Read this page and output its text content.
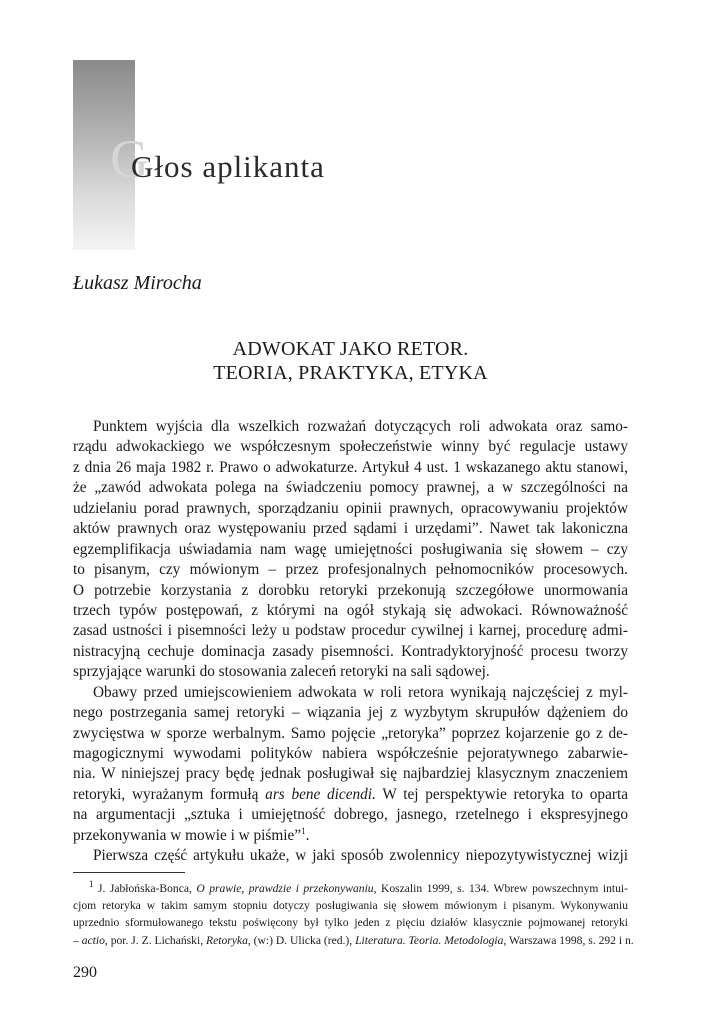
G
Głos aplikanta
Łukasz Mirocha
ADWOKAT JAKO RETOR.
TEORIA, PRAKTYKA, ETYKA
Punktem wyjścia dla wszelkich rozważań dotyczących roli adwokata oraz samo-
rządu adwokackiego we współczesnym społeczeństwie winny być regulacje ustawy
z dnia 26 maja 1982 r. Prawo o adwokaturze. Artykuł 4 ust. 1 wskazanego aktu stanowi,
że „zawód adwokata polega na świadczeniu pomocy prawnej, a w szczególności na
udzielaniu porad prawnych, sporządzaniu opinii prawnych, opracowywaniu projektów
aktów prawnych oraz występowaniu przed sądami i urzędami”. Nawet tak lakoniczna
egzemplifikacja uświadamia nam wagę umiejętności posługiwania się słowem – czy
to pisanym, czy mówionym – przez profesjonalnych pełnomocników procesowych.
O potrzebie korzystania z dorobku retoryki przekonują szczegółowe unormowania
trzech typów postępowań, z którymi na ogół stykają się adwokaci. Równoważność
zasad ustności i pisemności leży u podstaw procedur cywilnej i karnej, procedurę admi-
nistracyjną cechuje dominacja zasady pisemności. Kontradyktoryjność procesu tworzy
sprzyjające warunki do stosowania zaleceń retoryki na sali sądowej.
Obawy przed umiejscowieniem adwokata w roli retora wynikają najczęściej z myl-
nego postrzegania samej retoryki – wiązania jej z wyzbytym skrupułów dążeniem do
zwycięstwa w sporze werbalnym. Samo pojęcie „retoryka” poprzez kojarzenie go z de-
magogicznymi wywodami polityków nabiera współcześnie pejoratywnego zabarwie-
nia. W niniejszej pracy będę jednak posługiwał się najbardziej klasycznym znaczeniem
retoryki, wyrażanym formułą ars bene dicendi. W tej perspektywie retoryka to oparta
na argumentacji „sztuka i umiejętność dobrego, jasnego, rzetelnego i ekspresyjnego
przekonywania w mowie i w piśmie”$^1$.
Pierwsza część artykułu ukaże, w jaki sposób zwolennicy niepozytywistycznej wizji
$^1$ J. Jabłońska-Bonca, O prawie, prawdzie i przekonywaniu, Koszalin 1999, s. 134. Wbrew powszechnym intui-
cjom retoryka w takim samym stopniu dotyczy posługiwania się słowem mówionym i pisanym. Wykonywaniu
uprzednio sformułowanego tekstu poświęcony był tylko jeden z pięciu działów klasycznie pojmowanej retoryki
– actio, por. J. Z. Lichański, Retoryka, (w:) D. Ulicka (red.), Literatura. Teoria. Metodologia, Warszawa 1998, s. 292 i n.
290
